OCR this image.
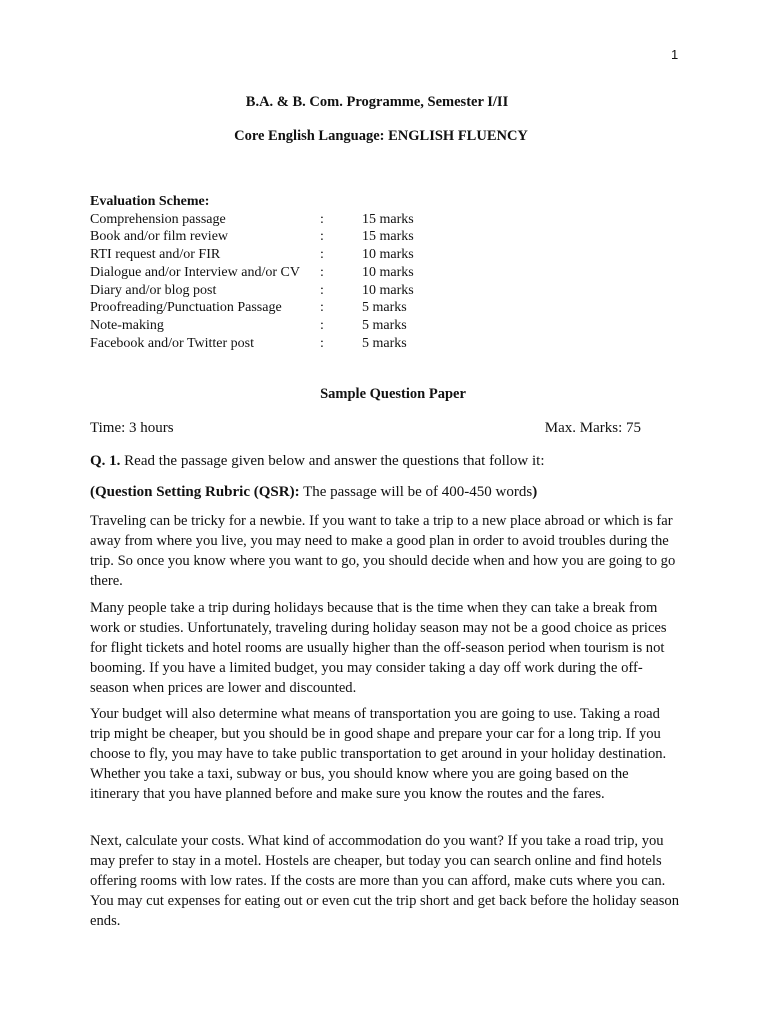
1
B.A. & B. Com. Programme, Semester I/II
Core English Language: ENGLISH FLUENCY
Evaluation Scheme:
Comprehension passage	:	15 marks
Book and/or film review	:	15 marks
RTI request and/or FIR	:	10 marks
Dialogue and/or Interview and/or CV	:	10 marks
Diary and/or blog post	:	10 marks
Proofreading/Punctuation Passage	:	5 marks
Note-making	:	5 marks
Facebook and/or Twitter post	:	5 marks
Sample Question Paper
Time: 3 hours	Max. Marks: 75
Q. 1. Read the passage given below and answer the questions that follow it:
(Question Setting Rubric (QSR): The passage will be of 400-450 words)

Traveling can be tricky for a newbie. If you want to take a trip to a new place abroad or which is far away from where you live, you may need to make a good plan in order to avoid troubles during the trip. So once you know where you want to go, you should decide when and how you are going to go there.

Many people take a trip during holidays because that is the time when they can take a break from work or studies. Unfortunately, traveling during holiday season may not be a good choice as prices for flight tickets and hotel rooms are usually higher than the off-season period when tourism is not booming. If you have a limited budget, you may consider taking a day off work during the off-season when prices are lower and discounted.

Your budget will also determine what means of transportation you are going to use. Taking a road trip might be cheaper, but you should be in good shape and prepare your car for a long trip. If you choose to fly, you may have to take public transportation to get around in your holiday destination. Whether you take a taxi, subway or bus, you should know where you are going based on the itinerary that you have planned before and make sure you know the routes and the fares.

Next, calculate your costs. What kind of accommodation do you want? If you take a road trip, you may prefer to stay in a motel. Hostels are cheaper, but today you can search online and find hotels offering rooms with low rates. If the costs are more than you can afford, make cuts where you can. You may cut expenses for eating out or even cut the trip short and get back before the holiday season ends.
